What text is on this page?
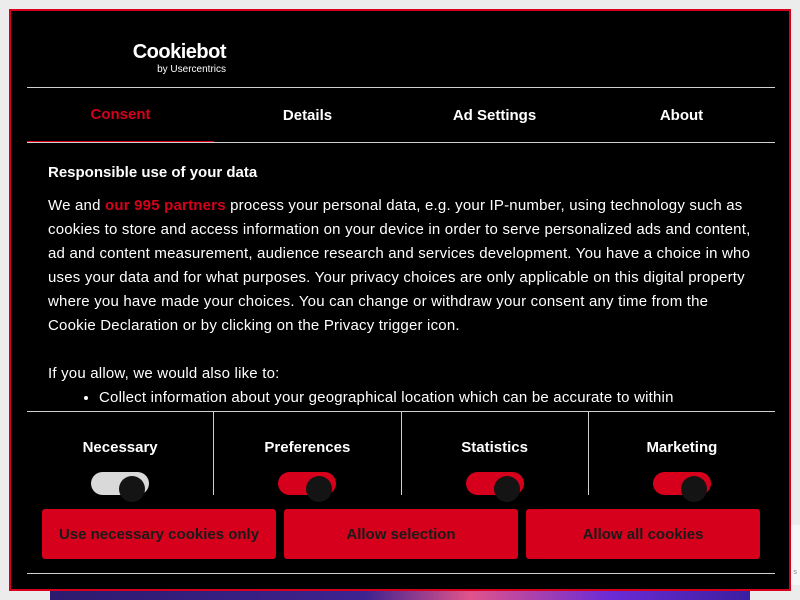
s
Cookiebot
by Usercentrics
Consent	Details	Ad Settings	About
Responsible use of your data

We and our 995 partners process your personal data, e.g. your IP-number, using technology such as cookies to store and access information on your device in order to serve personalized ads and content, ad and content measurement, audience research and services development. You have a choice in who uses your data and for what purposes. Your privacy choices are only applicable on this digital property where you have made your choices. You can change or withdraw your consent any time from the Cookie Declaration or by clicking on the Privacy trigger icon.

If you allow, we would also like to:

• Collect information about your geographical location which can be accurate to within
Necessary	Preferences	Statistics	Marketing
Use necessary cookies only	Allow selection	Allow all cookies
